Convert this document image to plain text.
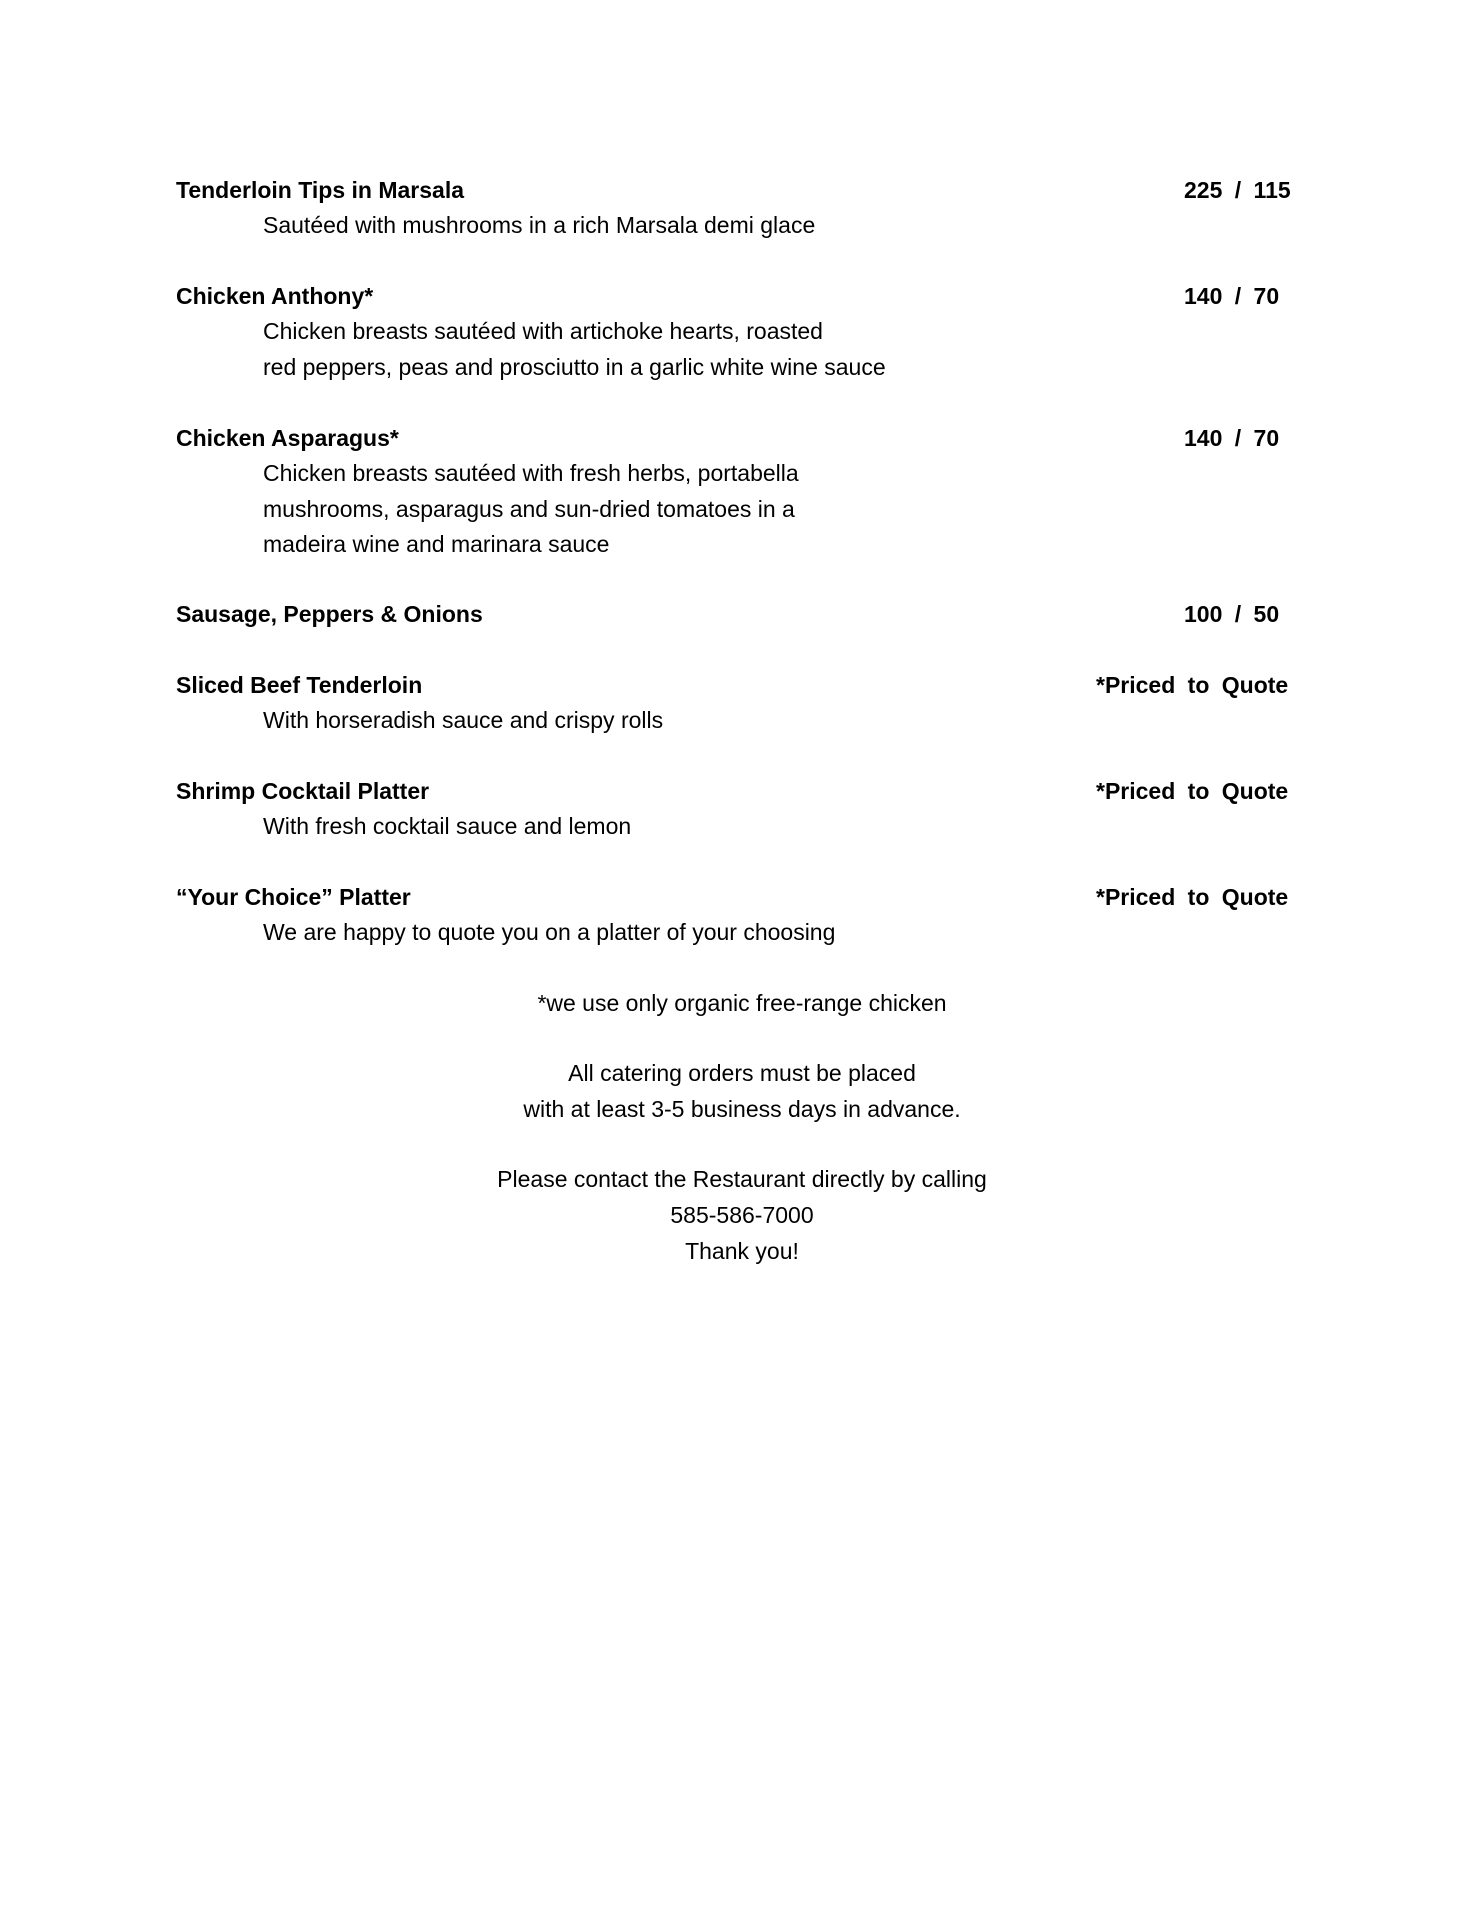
Tenderloin Tips in Marsala	225 / 115
Sautéed with mushrooms in a rich Marsala demi glace
Chicken Anthony*	140 / 70
Chicken breasts sautéed with artichoke hearts, roasted
red peppers, peas and prosciutto in a garlic white wine sauce
Chicken Asparagus*	140 / 70
Chicken breasts sautéed with fresh herbs, portabella
mushrooms, asparagus and sun-dried tomatoes in a
madeira wine and marinara sauce
Sausage, Peppers & Onions	100 / 50
Sliced Beef Tenderloin	*Priced to Quote
With horseradish sauce and crispy rolls
Shrimp Cocktail Platter	*Priced to Quote
With fresh cocktail sauce and lemon
“Your Choice” Platter	*Priced to Quote
We are happy to quote you on a platter of your choosing
*we use only organic free-range chicken
All catering orders must be placed
with at least 3-5 business days in advance.
Please contact the Restaurant directly by calling
585-586-7000
Thank you!
